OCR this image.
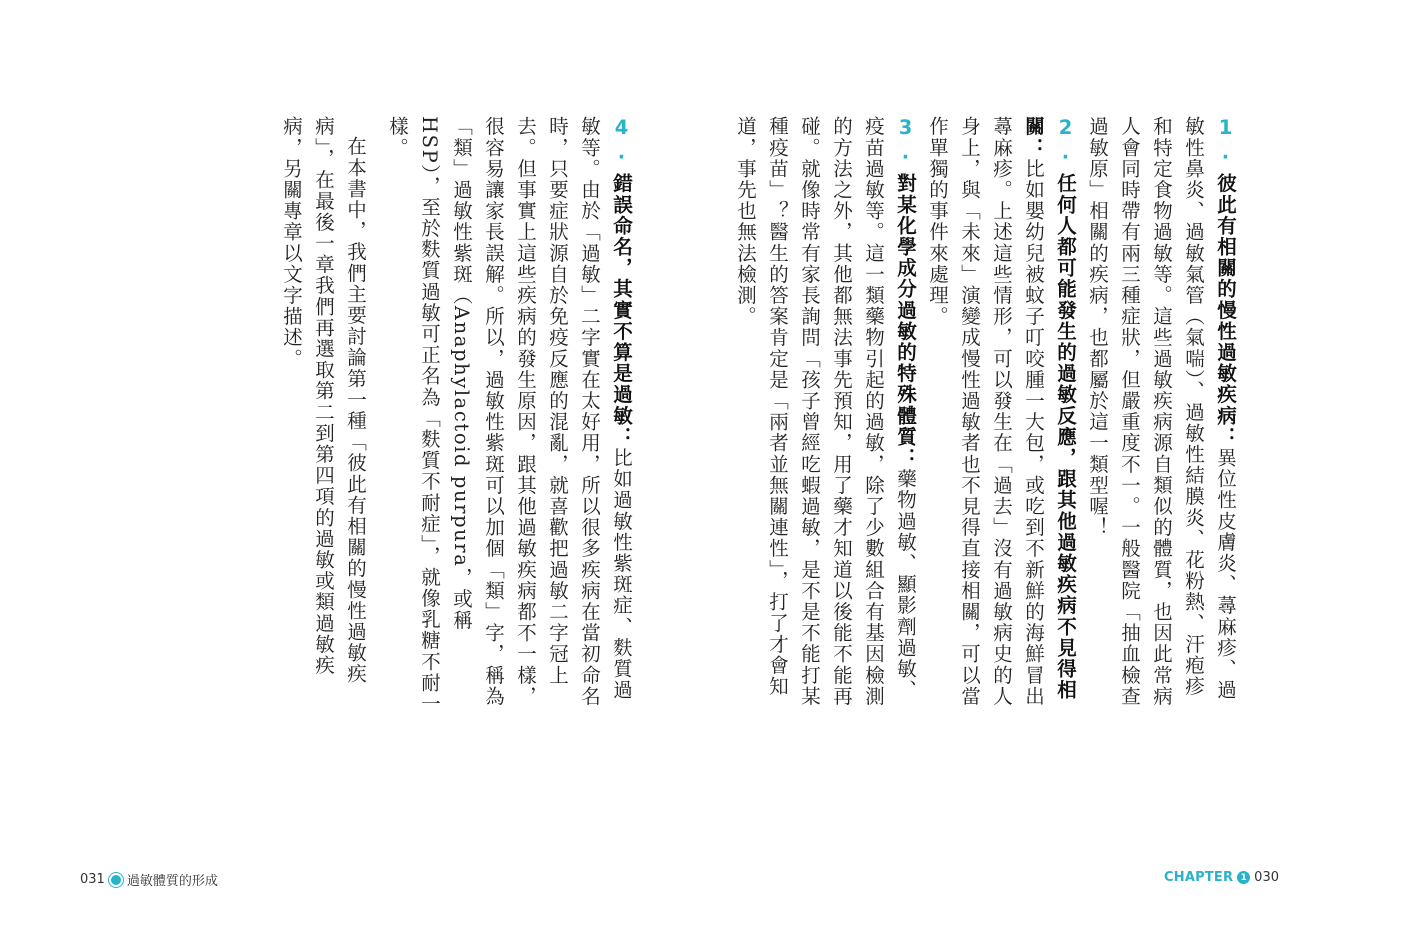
1. 彼此有相關的慢性過敏疾病：異位性皮膚炎、蕁麻疹、過敏性鼻炎、過敏氣管（氣喘）、過敏性結膜炎、花粉熱、汗疱疹和特定食物過敏等。這些過敏疾病源自類似的體質，也因此常病人會同時帶有兩三種症狀，但嚴重度不一。一般醫院「抽血檢查過敏原」相關的疾病，也都屬於這一類型喔！
2. 任何人都可能發生的過敏反應，跟其他過敏疾病不見得相關：比如嬰幼兒被蚊子叮咬腫一大包，或吃到不新鮮的海鮮冒出蕁麻疹。上述這些情形，可以發生在「過去」沒有過敏病史的人身上，與「未來」演變成慢性過敏者也不見得直接相關，可以當作單獨的事件來處理。
3. 對某化學成分過敏的特殊體質：藥物過敏、顯影劑過敏、疫苗過敏等。這一類藥物引起的過敏，除了少數組合有基因檢測的方法之外，其他都無法事先預知，用了藥才知道以後能不能再碰。就像時常有家長詢問「孩子曾經吃蝦過敏，是不是不能打某種疫苗」？醫生的答案肯定是「兩者並無關連性」，打了才會知道，事先也無法檢測。
CHAPTER 1 030
4. 錯誤命名，其實不算是過敏：比如過敏性紫斑症、麩質過敏等。由於「過敏」二字實在太好用，所以很多疾病在當初命名時，只要症狀源自於免疫反應的混亂，就喜歡把過敏二字冠上去。但事實上這些疾病的發生原因，跟其他過敏疾病都不一樣，很容易讓家長誤解。所以，過敏性紫斑可以加個「類」字，稱為「類」過敏性紫斑（Anaphylactoid purpura，或稱 HSP），至於麩質過敏可正名為「麩質不耐症」，就像乳糖不耐一樣。
在本書中，我們主要討論第一種「彼此有相關的慢性過敏疾病」，在最後一章我們再選取第二到第四項的過敏或類過敏疾病，另關專章以文字描述。
031 過敏體質的形成
